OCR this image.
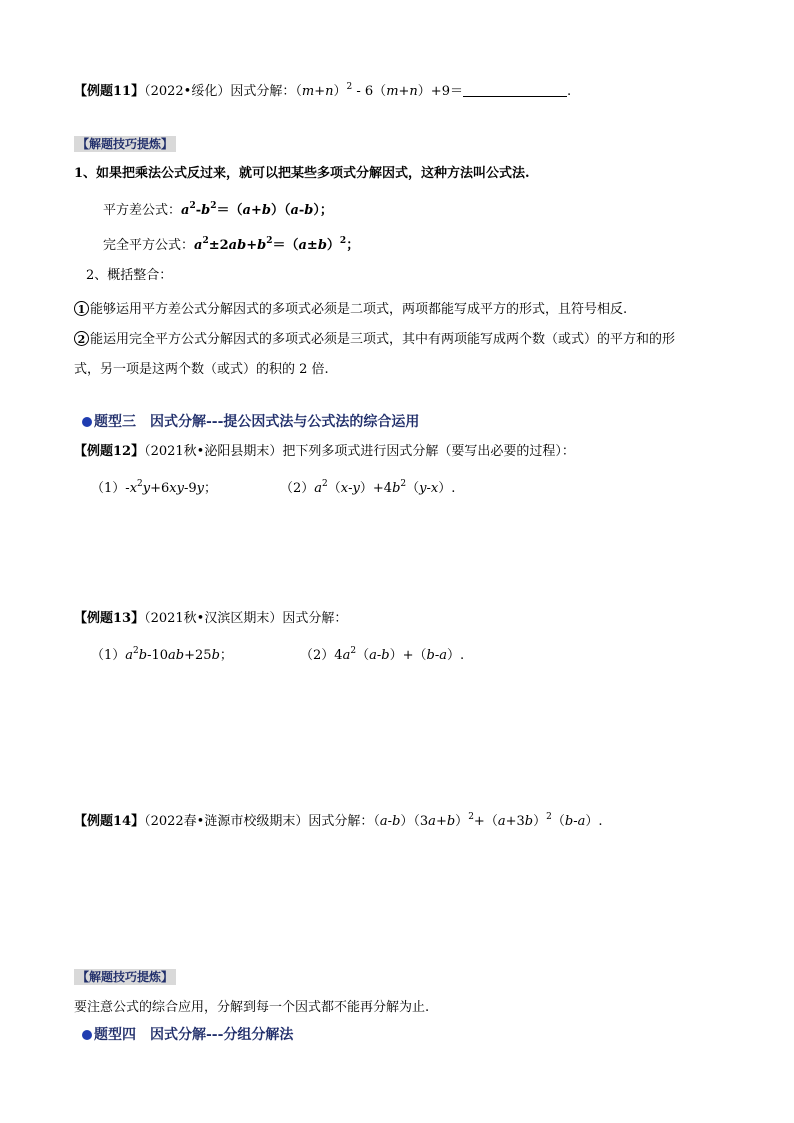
【例题11】（2022•绥化）因式分解：$(m+n)^2 - 6(m+n)+9=$	.
【解题技巧提炼】
1、如果把乘法公式反过来，就可以把某些多项式分解因式，这种方法叫公式法.
平方差公式：$a^2-b^2=(a+b)(a-b)$；
完全平方公式：$a^2\pm 2ab+b^2=(a\pm b)^2$；
2、概括整合：
1 能够运用平方差公式分解因式的多项式必须是二项式，两项都能写成平方的形式，且符号相反.
2 能运用完全平方公式分解因式的多项式必须是三项式，其中有两项能写成两个数（或式）的平方和的形
式，另一项是这两个数（或式）的积的 2 倍.
题型三 因式分解---提公因式法与公式法的综合运用
【例题12】（2021秋•泌阳县期末）把下列多项式进行因式分解（要写出必要的过程）：
$(1)-x^2y+6xy-9y$；	$(2)a^2(x-y)+4b^2(y-x)$.
【例题13】（2021秋•汉滨区期末）因式分解：
$(1)a^2b-10ab+25b$；	$(2)4a^2(a-b)+(b-a)$.
【例题14】（2022春•涟源市校级期末）因式分解：$(a-b)(3a+b)^2+(a+3b)^2(b-a)$.
【解题技巧提炼】
要注意公式的综合应用，分解到每一个因式都不能再分解为止.
题型四 因式分解---分组分解法
